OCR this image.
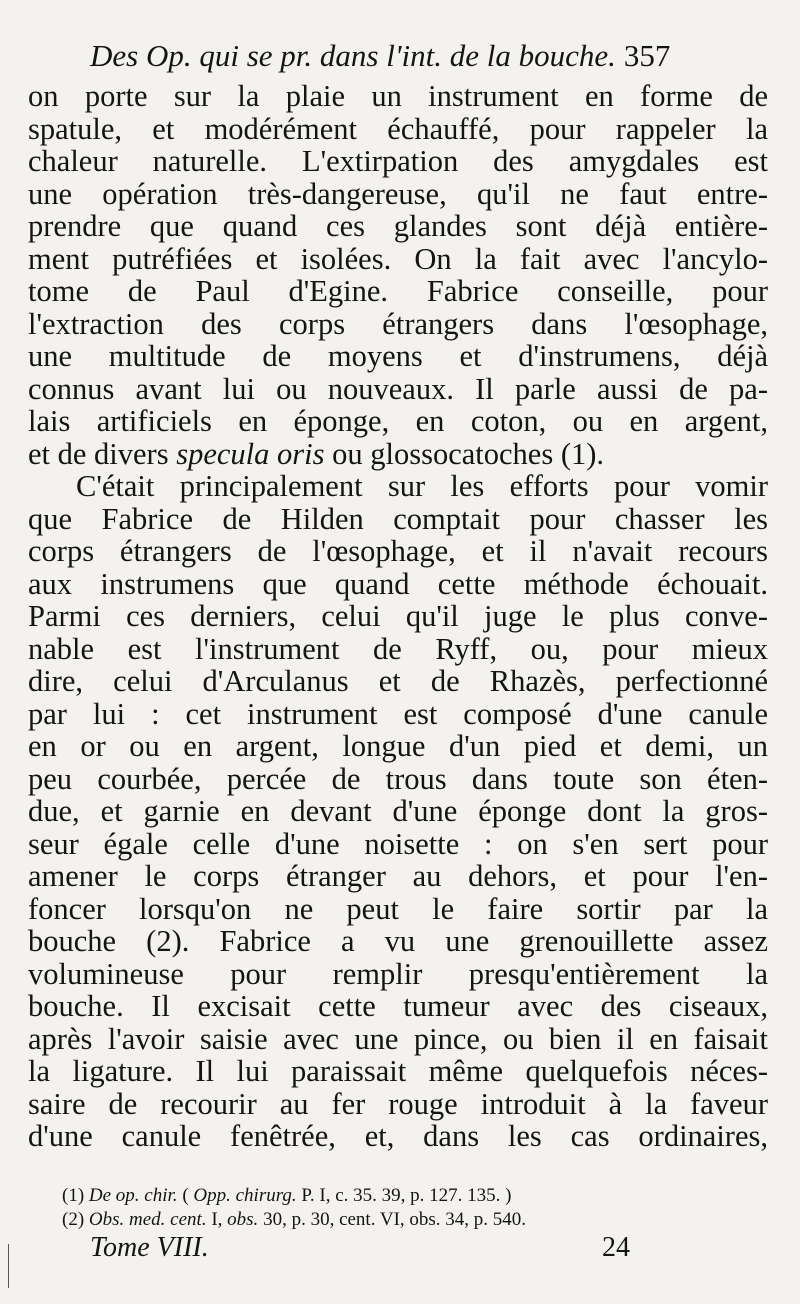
Des Op. qui se pr. dans l'int. de la bouche. 357
on porte sur la plaie un instrument en forme de
spatule, et modérément échauffé, pour rappeler la
chaleur naturelle. L'extirpation des amygdales est
une opération très-dangereuse, qu'il ne faut entre-
prendre que quand ces glandes sont déjà entière-
ment putréfiées et isolées. On la fait avec l'ancylo-
tome de Paul d'Egine. Fabrice conseille, pour
l'extraction des corps étrangers dans l'œsophage,
une multitude de moyens et d'instrumens, déjà
connus avant lui ou nouveaux. Il parle aussi de pa-
lais artificiels en éponge, en coton, ou en argent,
et de divers specula oris ou glossocatoches (1).
C'était principalement sur les efforts pour vomir
que Fabrice de Hilden comptait pour chasser les
corps étrangers de l'œsophage, et il n'avait recours
aux instrumens que quand cette méthode échouait.
Parmi ces derniers, celui qu'il juge le plus conve-
nable est l'instrument de Ryff, ou, pour mieux
dire, celui d'Arculanus et de Rhazès, perfectionné
par lui : cet instrument est composé d'une canule
en or ou en argent, longue d'un pied et demi, un
peu courbée, percée de trous dans toute son éten-
due, et garnie en devant d'une éponge dont la gros-
seur égale celle d'une noisette : on s'en sert pour
amener le corps étranger au dehors, et pour l'en-
foncer lorsqu'on ne peut le faire sortir par la
bouche (2). Fabrice a vu une grenouillette assez
volumineuse pour remplir presqu'entièrement la
bouche. Il excisait cette tumeur avec des ciseaux,
après l'avoir saisie avec une pince, ou bien il en faisait
la ligature. Il lui paraissait même quelquefois néces-
saire de recourir au fer rouge introduit à la faveur
d'une canule fenêtrée, et, dans les cas ordinaires,
(1) De op. chir. ( Opp. chirurg. P. I, c. 35. 39, p. 127. 135. )
(2) Obs. med. cent. I, obs. 30, p. 30, cent. VI, obs. 34, p. 540.
Tome VIII.	24
